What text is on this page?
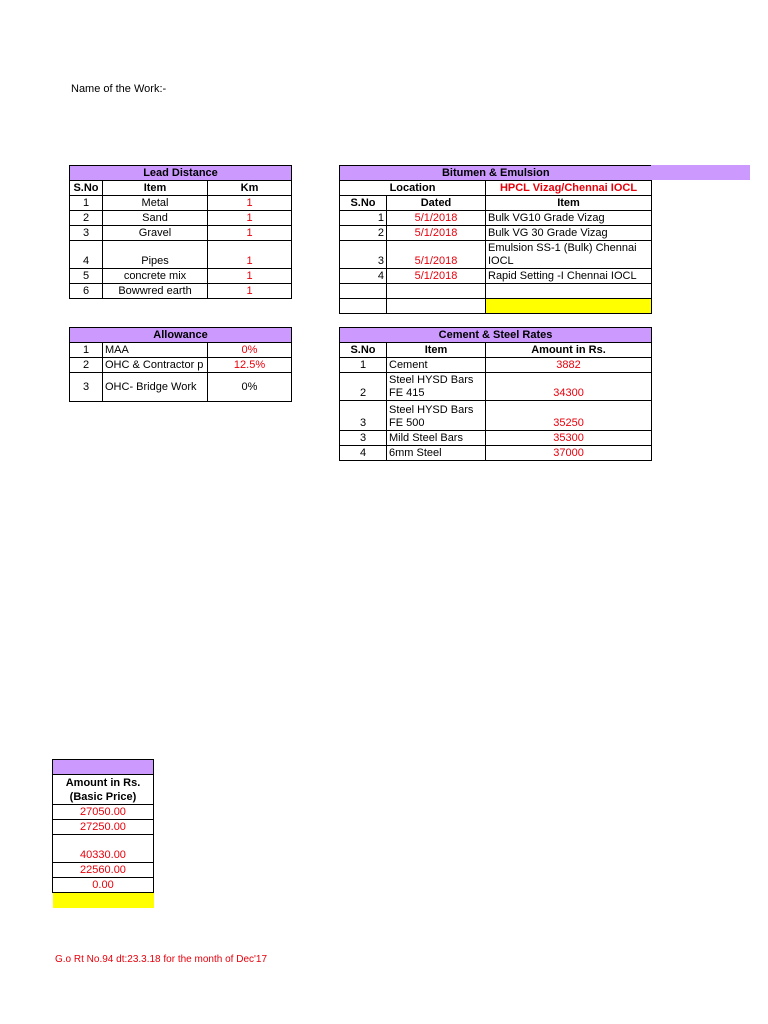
Name of the Work:-
Lead Distance		
S.No	Item	Km
1	Metal	1
2	Sand	1
3	Gravel	1
4	Pipes	1
5	concrete mix	1
6	Bowwred earth	1
Bitumen & Emulsion		
Location		HPCL Vizag/Chennai IOCL
S.No	Dated	Item
1	5/1/2018	Bulk VG10 Grade Vizag
2	5/1/2018	Bulk VG 30 Grade Vizag
3	5/1/2018	Emulsion SS-1 (Bulk) Chennai IOCL
4	5/1/2018	Rapid Setting -I Chennai IOCL

Allowance		
1	MAA	0%
2	OHC & Contractor p	12.5%
3	OHC- Bridge Work	0%
Cement & Steel Rates		
S.No	Item	Amount in Rs.
1	Cement	3882
2	Steel HYSD Bars FE 415	34300
3	Steel HYSD Bars FE 500	35250
3	Mild Steel Bars	35300
4	6mm Steel	37000

Amount in Rs. (Basic Price)
27050.00
27250.00
40330.00
22560.00
0.00

G.o Rt No.94 dt:23.3.18 for the month of Dec'17
